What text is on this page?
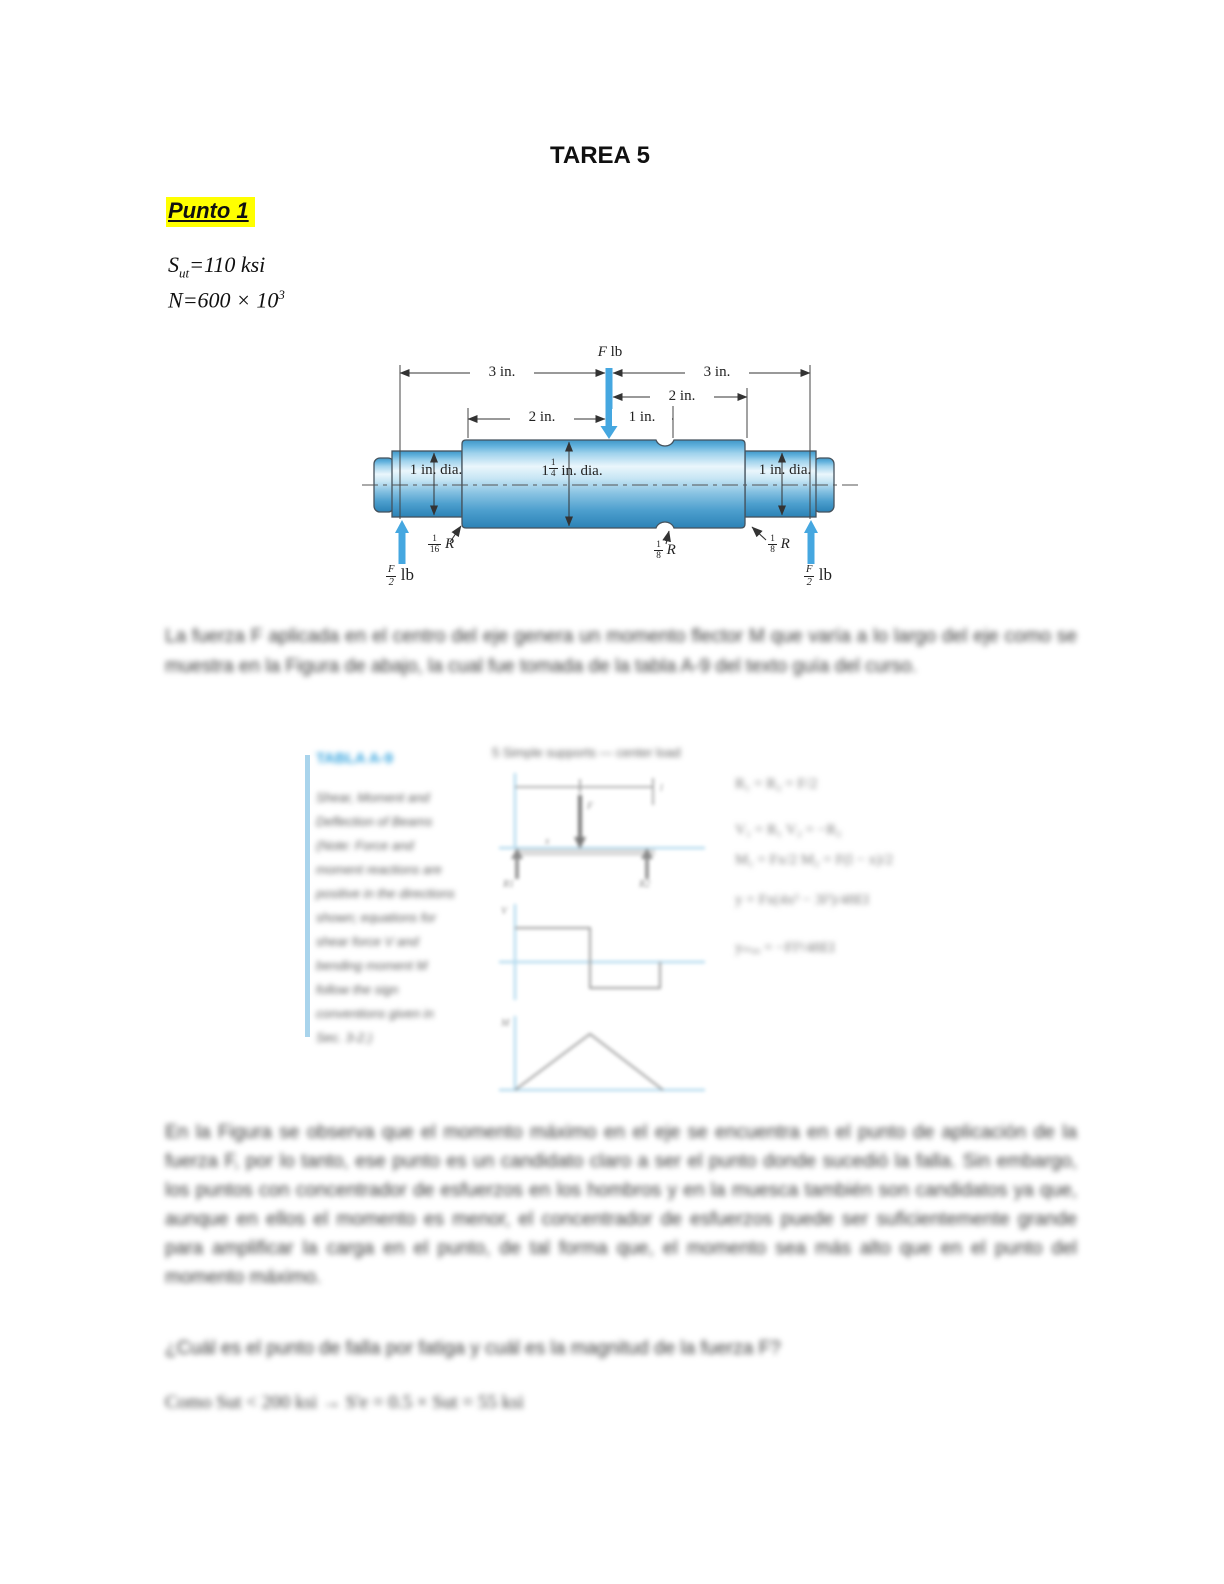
TAREA 5
Punto 1
$S_{ut}=110$ ksi
$N=600 \times 10^3$
F lb
3 in.	3 in.
2 in.
2 in.	1 in.
1 in. dia.	$1 \frac{1}{4}$ in. dia.	1 in. dia.
$\frac{1}{16}$ R	$\frac{1}{8}$ R	$\frac{1}{8}$ R
$\frac{F}{2}$ lb	$\frac{F}{2}$ lb
La fuerza F aplicada en el centro del eje genera un momento flector M que varía a lo largo del eje como se muestra en la Figura de abajo, la cual fue tomada de la tabla A-9 del texto guía del curso.
TABLA A-9
Shear, Moment and Deflection of Beams (Note: Force and moment reactions are positive in the directions shown; equations for shear force V and bending moment M follow the sign conventions given in Sec. 3-2.)
5 Simple supports — center load
F
x
l
R1	R2
V
M
R₁ = R₂ = F/2
V₁ = R₁ V₂ = −R₂
M₁ = Fx/2 M₂ = F(l − x)/2
y = Fx(4x² − 3l²)/48EI
yₘₐₓ = −Fl³/48EI
En la Figura se observa que el momento máximo en el eje se encuentra en el punto de aplicación de la fuerza F, por lo tanto, ese punto es un candidato claro a ser el punto donde sucedió la falla. Sin embargo, los puntos con concentrador de esfuerzos en los hombros y en la muesca también son candidatos ya que, aunque en ellos el momento es menor, el concentrador de esfuerzos puede ser suficientemente grande para amplificar la carga en el punto, de tal forma que, el momento sea más alto que en el punto del momento máximo.
¿Cuál es el punto de falla por fatiga y cuál es la magnitud de la fuerza F?
Como Sut < 200 ksi → S'e = 0.5 × Sut = 55 ksi
